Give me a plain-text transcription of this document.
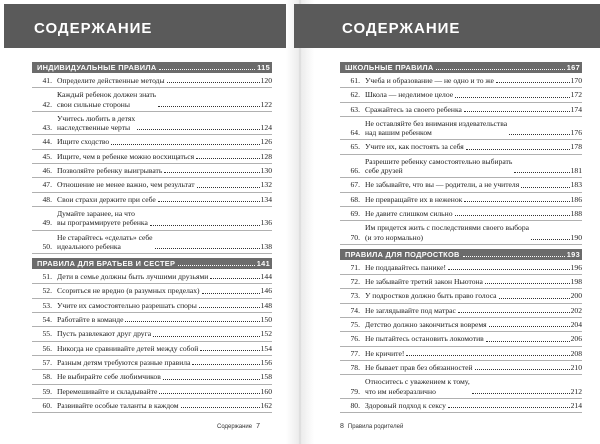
СОДЕРЖАНИЕ
ИНДИВИДУАЛЬНЫЕ ПРАВИЛА	115
41. Определите действенные методы	120
42.
Каждый ребенок должен знать
свои сильные стороны	122
43.
Учитесь любить в детях
наследственные черты	124
44. Ищите сходство	126
45. Ищите, чем в ребенке можно восхищаться	128
46. Позволяйте ребенку выигрывать	130
47. Отношение не менее важно, чем результат	132
48. Свои страхи держите при себе	134
49.
Думайте заранее, на что
вы программируете ребенка	136
50.
Не старайтесь «сделать» себе
идеального ребенка	138
ПРАВИЛА ДЛЯ БРАТЬЕВ И СЕСТЕР	141
51. Дети в семье должны быть лучшими друзьями	144
52. Ссориться не вредно (в разумных пределах)	146
53. Учите их самостоятельно разрешать споры	148
54. Работайте в команде	150
55. Пусть развлекают друг друга	152
56. Никогда не сравнивайте детей между собой	154
57. Разным детям требуются разные правила	156
58. Не выбирайте себе любимчиков	158
59. Перемешивайте и складывайте	160
60. Развивайте особые таланты в каждом	162
Содержание 7
СОДЕРЖАНИЕ
ШКОЛЬНЫЕ ПРАВИЛА	167
61. Учеба и образование — не одно и то же	170
62. Школа — неделимое целое	172
63. Сражайтесь за своего ребенка	174
64.
Не оставляйте без внимания издевательства
над вашим ребенком	176
65. Учите их, как постоять за себя	178
66.
Разрешите ребенку самостоятельно выбирать
себе друзей	181
67. Не забывайте, что вы — родители, а не учителя	183
68. Не превращайте их в неженок	186
69. Не давите слишком сильно	188
70.
Им придется жить с последствиями своего выбора
(и это нормально)	190
ПРАВИЛА ДЛЯ ПОДРОСТКОВ	193
71. Не поддавайтесь панике!	196
72. Не забывайте третий закон Ньютона	198
73. У подростков должно быть право голоса	200
74. Не заглядывайте под матрас	202
75. Детство должно закончиться вовремя	204
76. Не пытайтесь остановить локомотив	206
77. Не кричите!	208
78. Не бывает прав без обязанностей	210
79.
Относитесь с уважением к тому,
что им небезразлично	212
80. Здоровый подход к сексу	214
8 Правила родителей
